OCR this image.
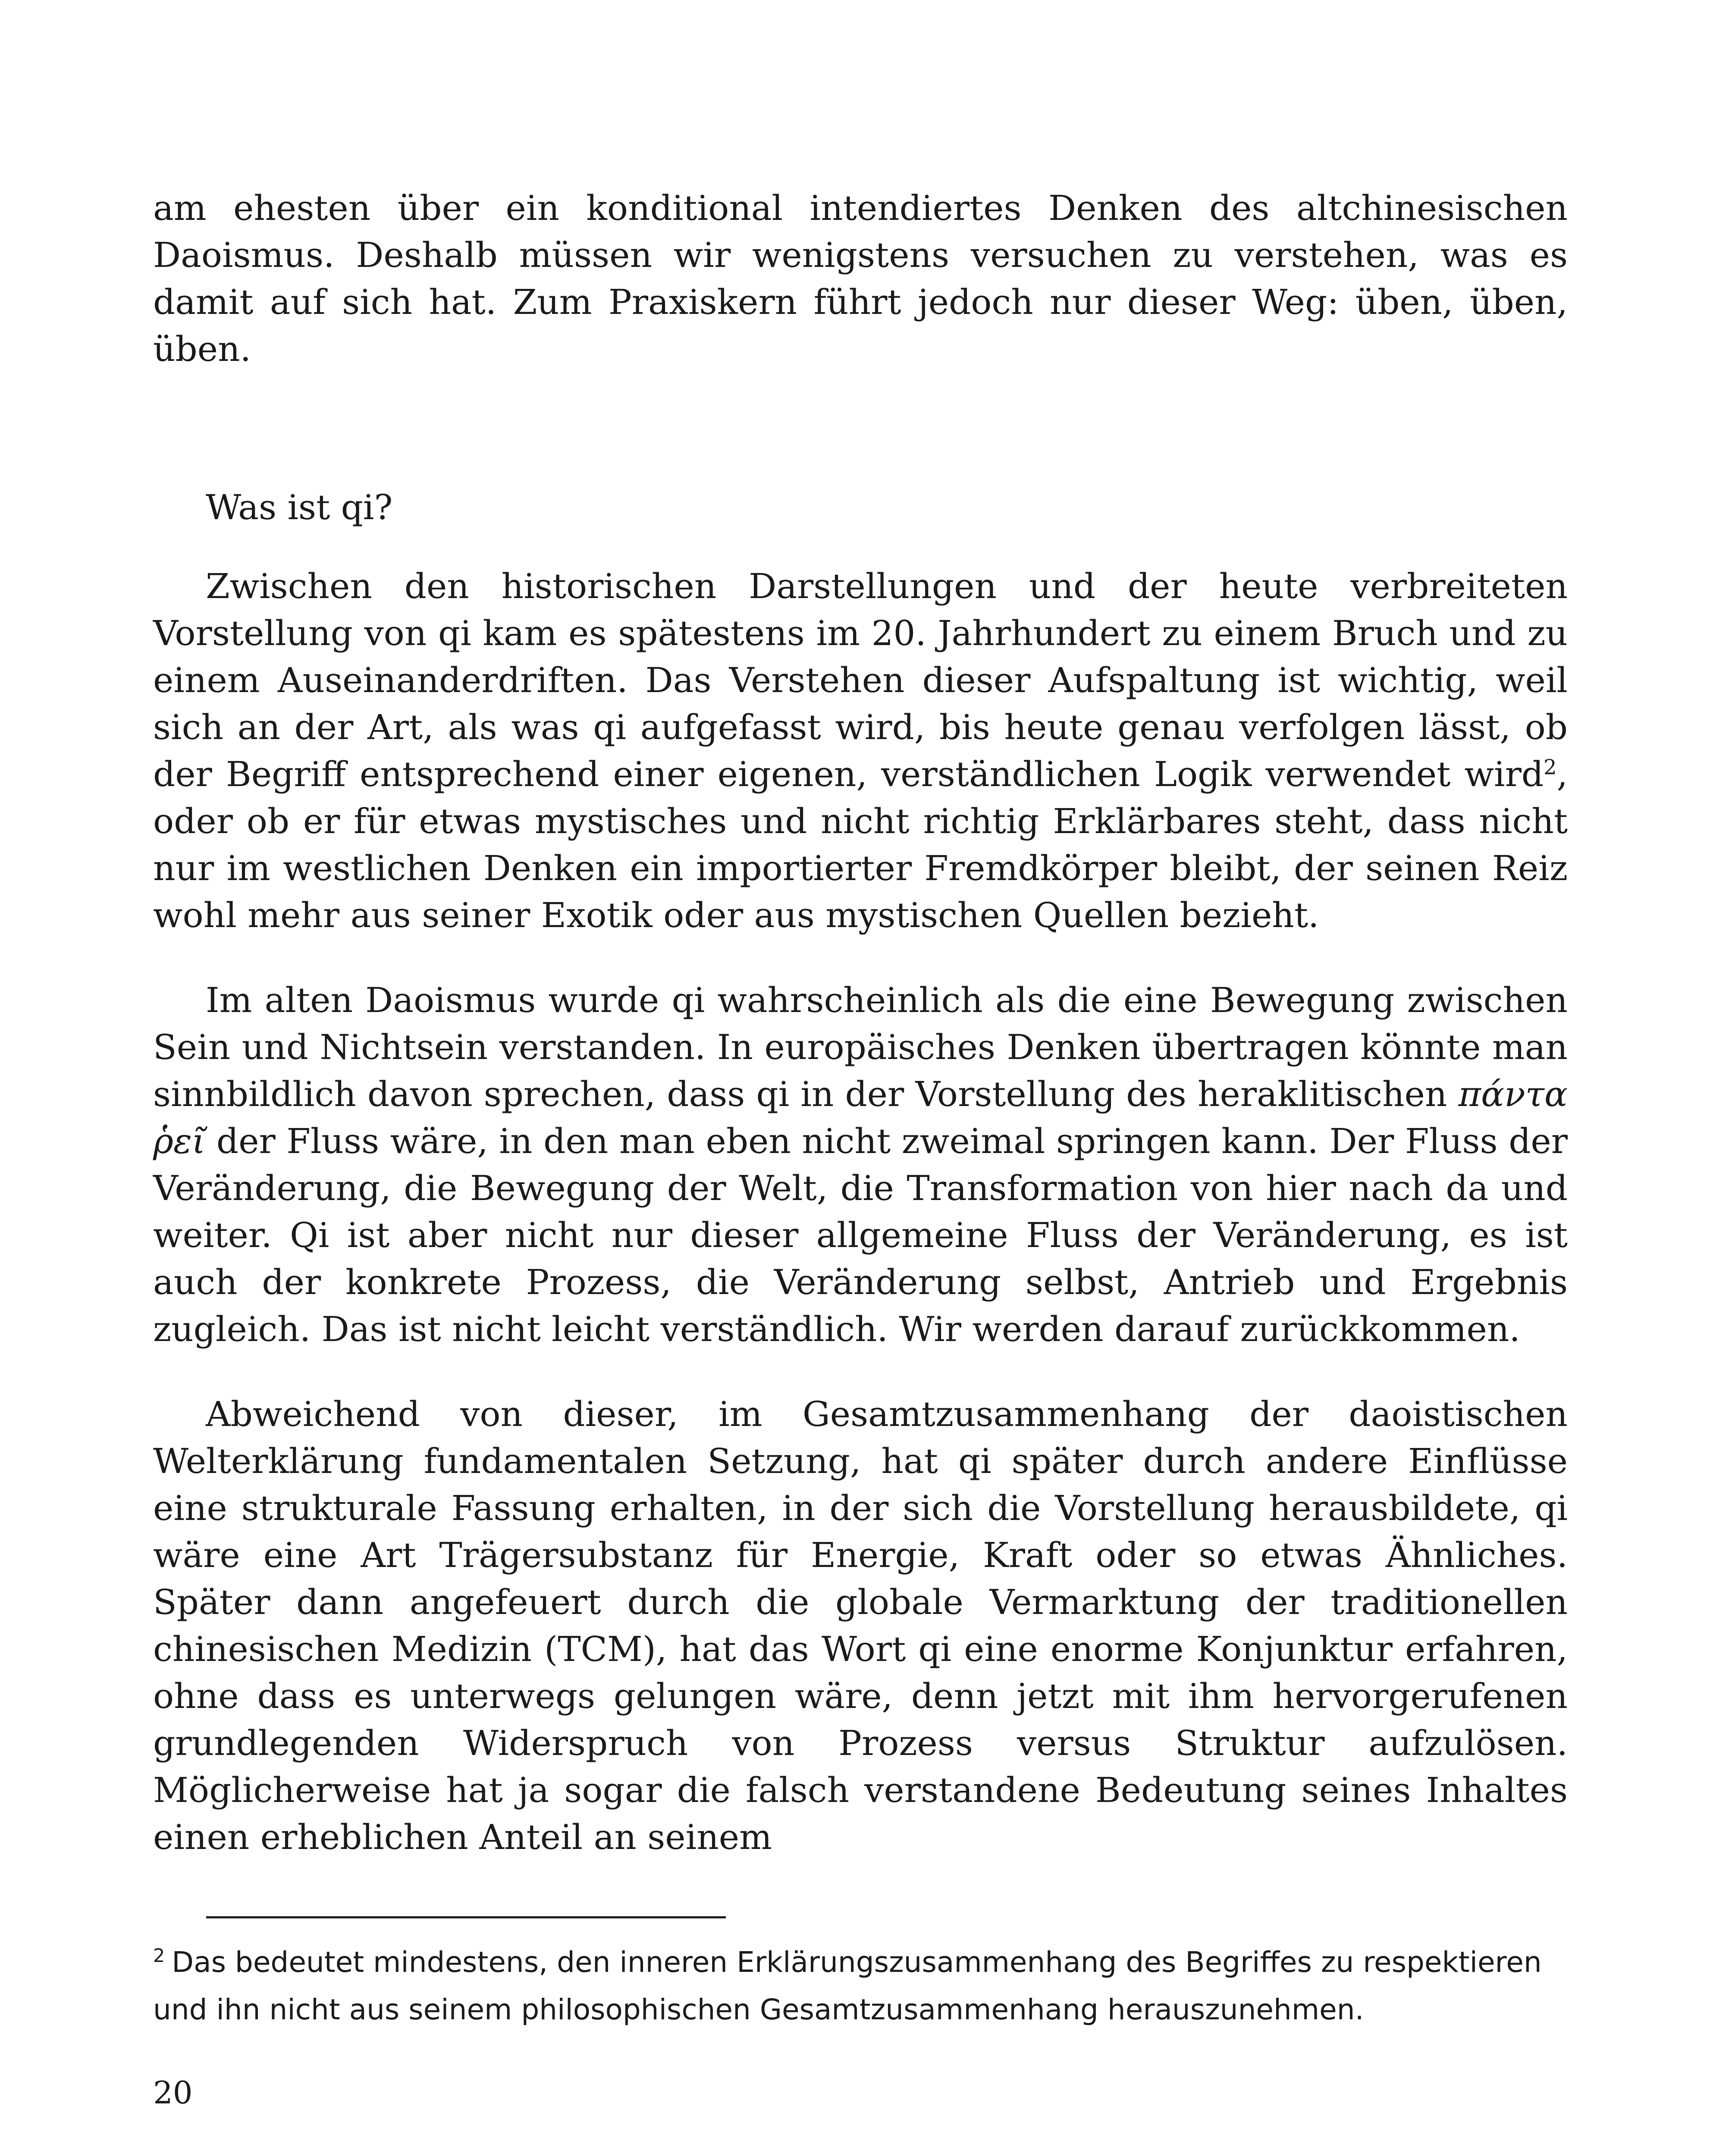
am ehesten über ein konditional intendiertes Denken des altchinesischen Daoismus. Deshalb müssen wir wenigstens versuchen zu verstehen, was es damit auf sich hat. Zum Praxiskern führt jedoch nur dieser Weg: üben, üben, üben.

Was ist qi?

Zwischen den historischen Darstellungen und der heute verbreiteten Vorstellung von qi kam es spätestens im 20. Jahrhundert zu einem Bruch und zu einem Auseinanderdriften. Das Verstehen dieser Aufspaltung ist wichtig, weil sich an der Art, als was qi aufgefasst wird, bis heute genau verfolgen lässt, ob der Begriff entsprechend einer eigenen, verständlichen Logik verwendet wird$^2$, oder ob er für etwas mystisches und nicht richtig Erklärbares steht, dass nicht nur im westlichen Denken ein importierter Fremdkörper bleibt, der seinen Reiz wohl mehr aus seiner Exotik oder aus mystischen Quellen bezieht.

Im alten Daoismus wurde qi wahrscheinlich als die eine Bewegung zwischen Sein und Nichtsein verstanden. In europäisches Denken übertragen könnte man sinnbildlich davon sprechen, dass qi in der Vorstellung des heraklitischen πάντα ῥεῖ der Fluss wäre, in den man eben nicht zweimal springen kann. Der Fluss der Veränderung, die Bewegung der Welt, die Transformation von hier nach da und weiter. Qi ist aber nicht nur dieser allgemeine Fluss der Veränderung, es ist auch der konkrete Prozess, die Veränderung selbst, Antrieb und Ergebnis zugleich. Das ist nicht leicht verständlich. Wir werden darauf zurückkommen.

Abweichend von dieser, im Gesamtzusammenhang der daoistischen Welterklärung fundamentalen Setzung, hat qi später durch andere Einflüsse eine strukturale Fassung erhalten, in der sich die Vorstellung herausbildete, qi wäre eine Art Trägersubstanz für Energie, Kraft oder so etwas Ähnliches. Später dann angefeuert durch die globale Vermarktung der traditionellen chinesischen Medizin (TCM), hat das Wort qi eine enorme Konjunktur erfahren, ohne dass es unterwegs gelungen wäre, denn jetzt mit ihm hervorgerufenen grundlegenden Widerspruch von Prozess versus Struktur aufzulösen. Möglicherweise hat ja sogar die falsch verstandene Bedeutung seines Inhaltes einen erheblichen Anteil an seinem

$^2$ Das bedeutet mindestens, den inneren Erklärungszusammenhang des Begriffes zu respektieren und ihn nicht aus seinem philosophischen Gesamtzusammenhang herauszunehmen.

20
